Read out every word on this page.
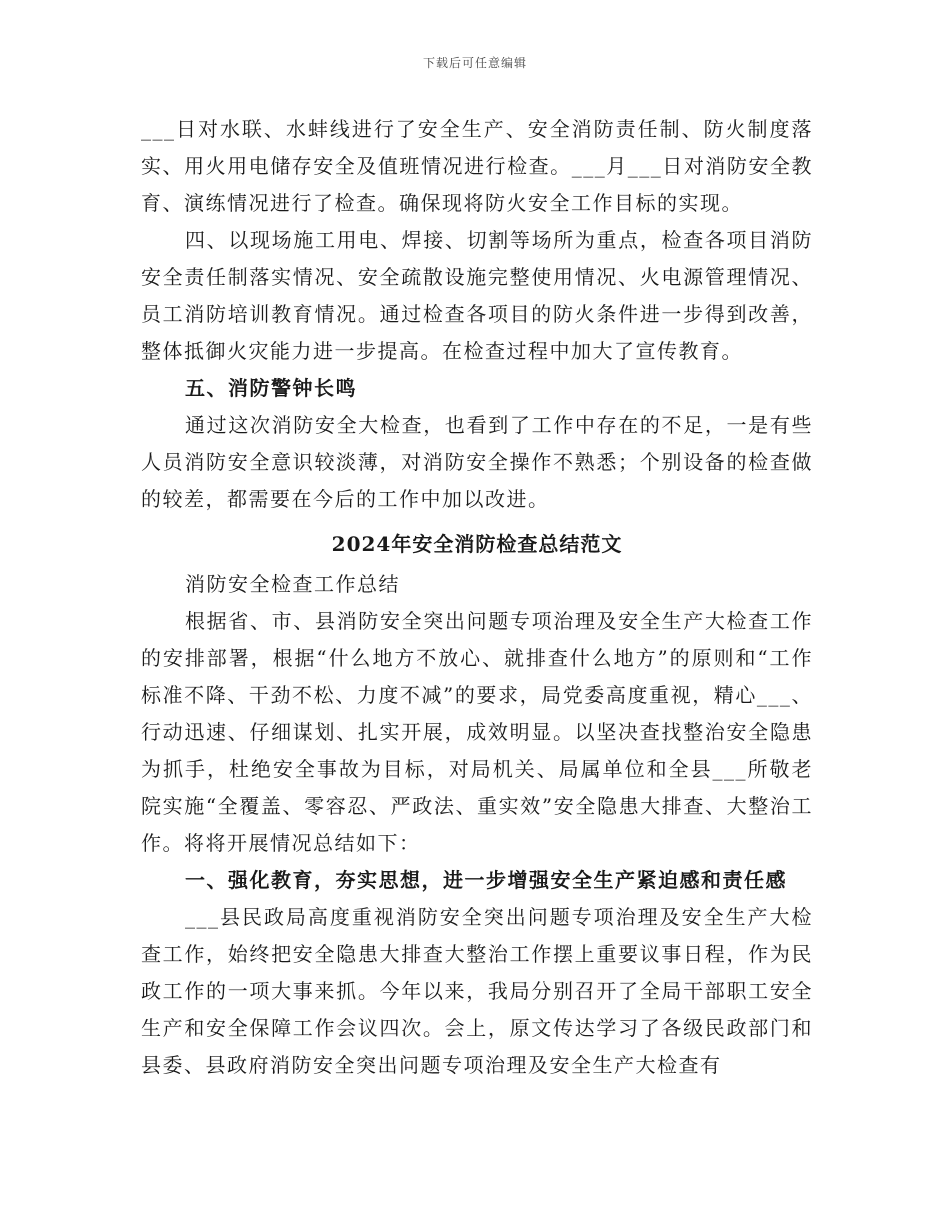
下载后可任意编辑

___日对水联、水蚌线进行了安全生产、安全消防责任制、防火制度落实、用火用电储存安全及值班情况进行检查。___月___日对消防安全教育、演练情况进行了检查。确保现将防火安全工作目标的实现。

四、以现场施工用电、焊接、切割等场所为重点，检查各项目消防安全责任制落实情况、安全疏散设施完整使用情况、火电源管理情况、员工消防培训教育情况。通过检查各项目的防火条件进一步得到改善，整体抵御火灾能力进一步提高。在检查过程中加大了宣传教育。

五、消防警钟长鸣

通过这次消防安全大检查，也看到了工作中存在的不足，一是有些人员消防安全意识较淡薄，对消防安全操作不熟悉；个别设备的检查做的较差，都需要在今后的工作中加以改进。

2024年安全消防检查总结范文

消防安全检查工作总结

根据省、市、县消防安全突出问题专项治理及安全生产大检查工作的安排部署，根据“什么地方不放心、就排查什么地方”的原则和“工作标准不降、干劲不松、力度不减”的要求，局党委高度重视，精心___、行动迅速、仔细谋划、扎实开展，成效明显。以坚决查找整治安全隐患为抓手，杜绝安全事故为目标，对局机关、局属单位和全县___所敬老院实施“全覆盖、零容忍、严政法、重实效”安全隐患大排查、大整治工作。将将开展情况总结如下：

一、强化教育，夯实思想，进一步增强安全生产紧迫感和责任感

___县民政局高度重视消防安全突出问题专项治理及安全生产大检查工作，始终把安全隐患大排查大整治工作摆上重要议事日程，作为民政工作的一项大事来抓。今年以来，我局分别召开了全局干部职工安全生产和安全保障工作会议四次。会上，原文传达学习了各级民政部门和县委、县政府消防安全突出问题专项治理及安全生产大检查有
